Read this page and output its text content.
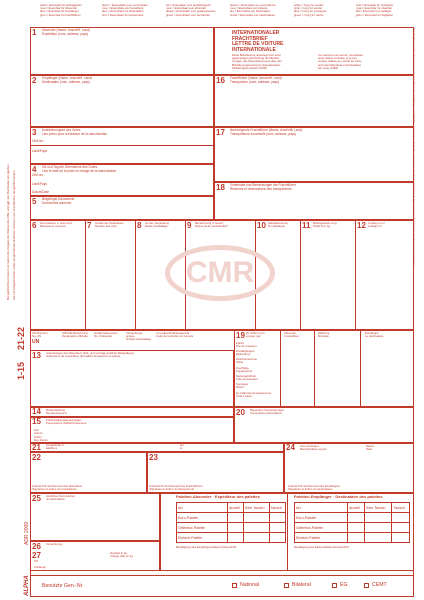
weiß = Exemplar für Auftraggeber
rosa = Exemplar für Absender
blau = Exemplar für Empfänger
grün = Exemplar für Frachtführer
blanc = Exemplaire pour commettant
rose = Exemplaire de l'expéditeur
bleu = Exemplaire du destinataire
vert = Exemplaire du transporteur
wit = Exemplaar voor opdrachtgever
roos = Exemplaar voor afzender
blauw = Exemplaar voor geadresseerde
groen = Exemplaar voor vervoerder
bianco = Esemplare per committente
rosa = Esemplare per mittente
blu = Esemplare per destinatario
verde = Esemplare per trasportatore
white = Copy for sender
pink = Copy for sender
blue = Copy for consignee
green = Copy for carrier
hvid = Exemplar for ordregiver
rosa = Exemplar for afsender
blå = Exemplar for modtager
grøn = Exemplar for fragtfører
Bei gefährlichen Gütern ist neben der Angabe der Klasse die Ziffer und ggf. der Buchstabe anzugeben. Die mit fettgedruckten Linien eingerahmten Rubriken müssen vom Frachtführer ausgefüllt werden.
1-15
21-22
ADR 2009
ALPHA
Die Angaben auf der Vorderseite sind vom Absender, Empfänger, Frachtführer einzutragen. Copy-Nr.: 1 2 3 4 Les rubriques encadrées de lignes grasses doivent être remplies par le transporteur.
1 Absender (Name, Anschrift, Land)
Expéditeur (nom, adresse, pays)	INTERNATIONALER
FRACHTBRIEF
LETTRE DE VOITURE
INTERNATIONALE
Diese Beförderung unterliegt trotz einer
gegenteiligen Abmachung den Bestim-
mungen des Übereinkommens über den
Beförderungsvertrag im internationalen
Straßengüterverkehr (CMR).
Ce transport est soumis, nonobstant
toute clause contraire, à la Con-
vention relative au contrat de trans-
port international de marchandises
par route (CMR).
2 Empfänger (Name, Anschrift, Land)
Destinataire (nom, adresse, pays)	16 Frachtführer (Name, Anschrift, Land)
Transporteur (nom, adresse, pays)
3 Auslieferungsort des Gutes
Lieu prévu pour la livraison de la marchandise
Ort/Lieu
Land/Pays
17 Nachfolgende Frachtführer (Name, Anschrift, Land)
Transporteurs successifs (nom, adresse, pays)
4 Ort und Tag der Übernahme des Gutes
Lieu et date de la prise en charge de la marchandise
Ort/Lieu
Land/Pays
Datum/Date	18 Vorbehalte und Bemerkungen der Frachtführer
Réserves et observations des transporteurs
5 Beigefügte Dokumente
Documents annexés
6 Kennzeichen u. Nummern
Marques et numéros	7 Anzahl der Packstücke
Nombre des colis	8 Art der Verpackung
Mode d'emballage	9 Bezeichnung d. Gutes*
Nature de la marchandise*	10 Statistiknummer
No statistique	11 Bruttogewicht in kg
Poids brut, kg	12 Umfang in m³
Cubage m³
CMR
UN-Nummer
No. UN
UN
Offizielle Benennung
Désignation officielle
Gefahrzettelmuster
No. d'étiquette
Verpackungs-
gruppe
Groupe d'emballage
Tunnelbeschränkungscode
Code de restriction en tunnels	19 Zu zahlen vom:
A payer par:
Absender
L'expéditeur
Währung
Monnaie
Empfänger
Le destinataire
Fracht
Prix de transport
Ermäßigungen
Réductions
Zwischensumme
Solde
Zuschläge
Suppléments
Nebengebühren
Frais accessoires
Sonstiges
Divers
Zu zahlende Gesamtsumme
Total à payer
13 Anweisungen des Absenders (Zoll- und sonstige amtliche Behandlung)
Instructions de l'expéditeur (formalités douanières et autres)
14 Rückerstattung
Remboursement
15 Frachtzahlungsanweisungen
Prescriptions d'affranchissement
Frei
Franco
Unfrei
Non franco
20 Besondere Vereinbarungen
Conventions particulières
21 Ausgefertigt in
Etablie à
am
le	24 Gut empfangen
Marchandises reçues
Datum
Date
Unterschrift und Stempel des Empfängers
(Signature et timbre du destinataire)
22
Unterschrift und Stempel des Absenders
(Signature et timbre de l'expéditeur)
23
Unterschrift und Stempel des Frachtführers
(Signature et timbre du transporteur)
25 Amtliches Kennzeichen
Immatriculation
26 Verrechnung:
27	Nutzlast in kg
Charge utile en kg
Kfz
Anhänger
Paletten-Absender · Expéditeur des palettes	Paletten-Empfänger · Destinataire des palettes
Art	Anzahl	Kein Tausch	Tausch
Euro-Palette			
Gitterbox-Palette			
Einfach-Palette			
Art	Anzahl	Kein Tausch	Tausch
Euro-Palette			
Gitterbox-Palette			
Einfach-Palette			
Bestätigung des Empfängers/Datum/Unterschrift	Bestätigung des Fahrers/Datum/Unterschrift
Benutzte Gen.-Nr.	National	Bilateral	EG	CEMT
